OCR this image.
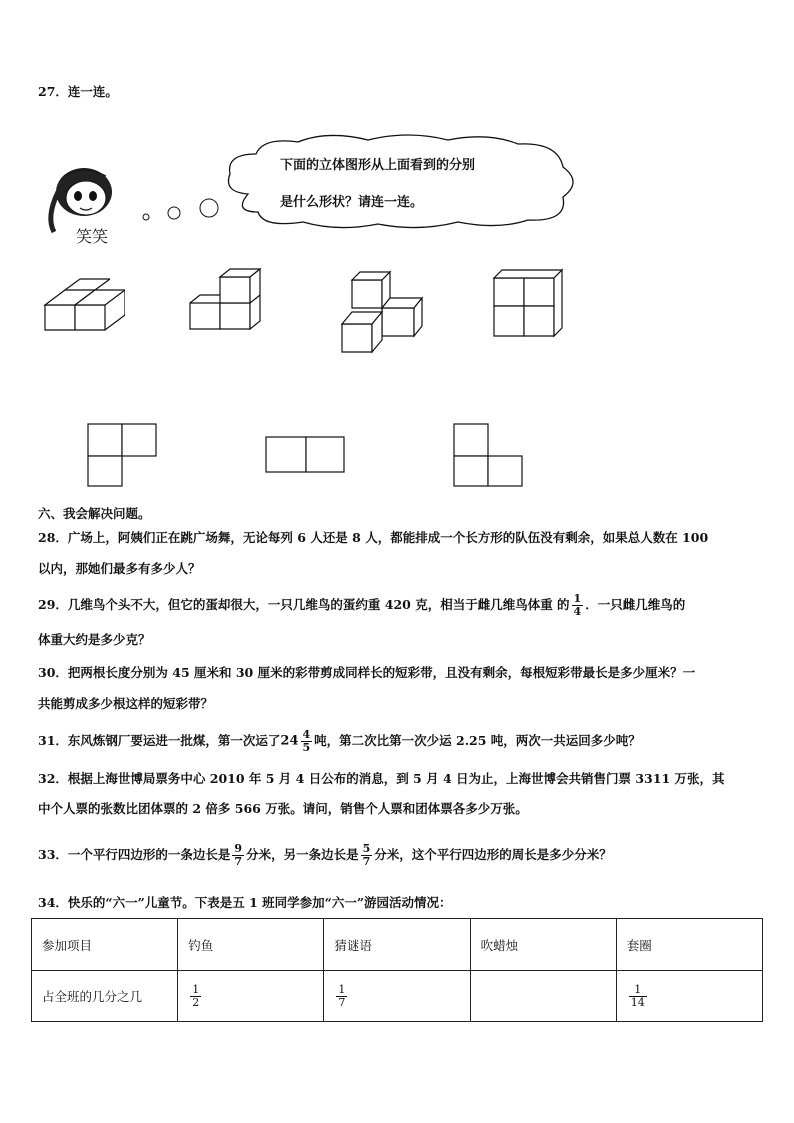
27．连一连。
笑笑
下面的立体图形从上面看到的分别
是什么形状？请连一连。
六、我会解决问题。
28．广场上，阿姨们正在跳广场舞，无论每列 6 人还是 8 人，都能排成一个长方形的队伍没有剩余，如果总人数在 100
以内，那她们最多有多少人？
29．几维鸟个头不大，但它的蛋却很大，一只几维鸟的蛋约重 420 克，相当于雌几维鸟体重 的 $\frac{1}{4}$ ．一只雌几维鸟的
体重大约是多少克？
30．把两根长度分别为 45 厘米和 30 厘米的彩带剪成同样长的短彩带，且没有剩余，每根短彩带最长是多少厘米？一
共能剪成多少根这样的短彩带？
31．东风炼钢厂要运进一批煤，第一次运了$24 \frac{4}{5}$ 吨，第二次比第一次少运 2.25 吨，两次一共运回多少吨？
32．根据上海世博局票务中心 2010 年 5 月 4 日公布的消息，到 5 月 4 日为止，上海世博会共销售门票 3311 万张，其
中个人票的张数比团体票的 2 倍多 566 万张。请问，销售个人票和团体票各多少万张。
33．一个平行四边形的一条边长是 $\frac{9}{7}$ 分米，另一条边长是 $\frac{5}{7}$ 分米，这个平行四边形的周长是多少分米？
34．快乐的“六一”儿童节。下表是五 1 班同学参加“六一”游园活动情况：
参加项目	钓鱼	猜谜语	吹蜡烛	套圈
占全班的几分之几	$\frac{1}{2}$	$\frac{1}{7}$		$\frac{1}{14}$
